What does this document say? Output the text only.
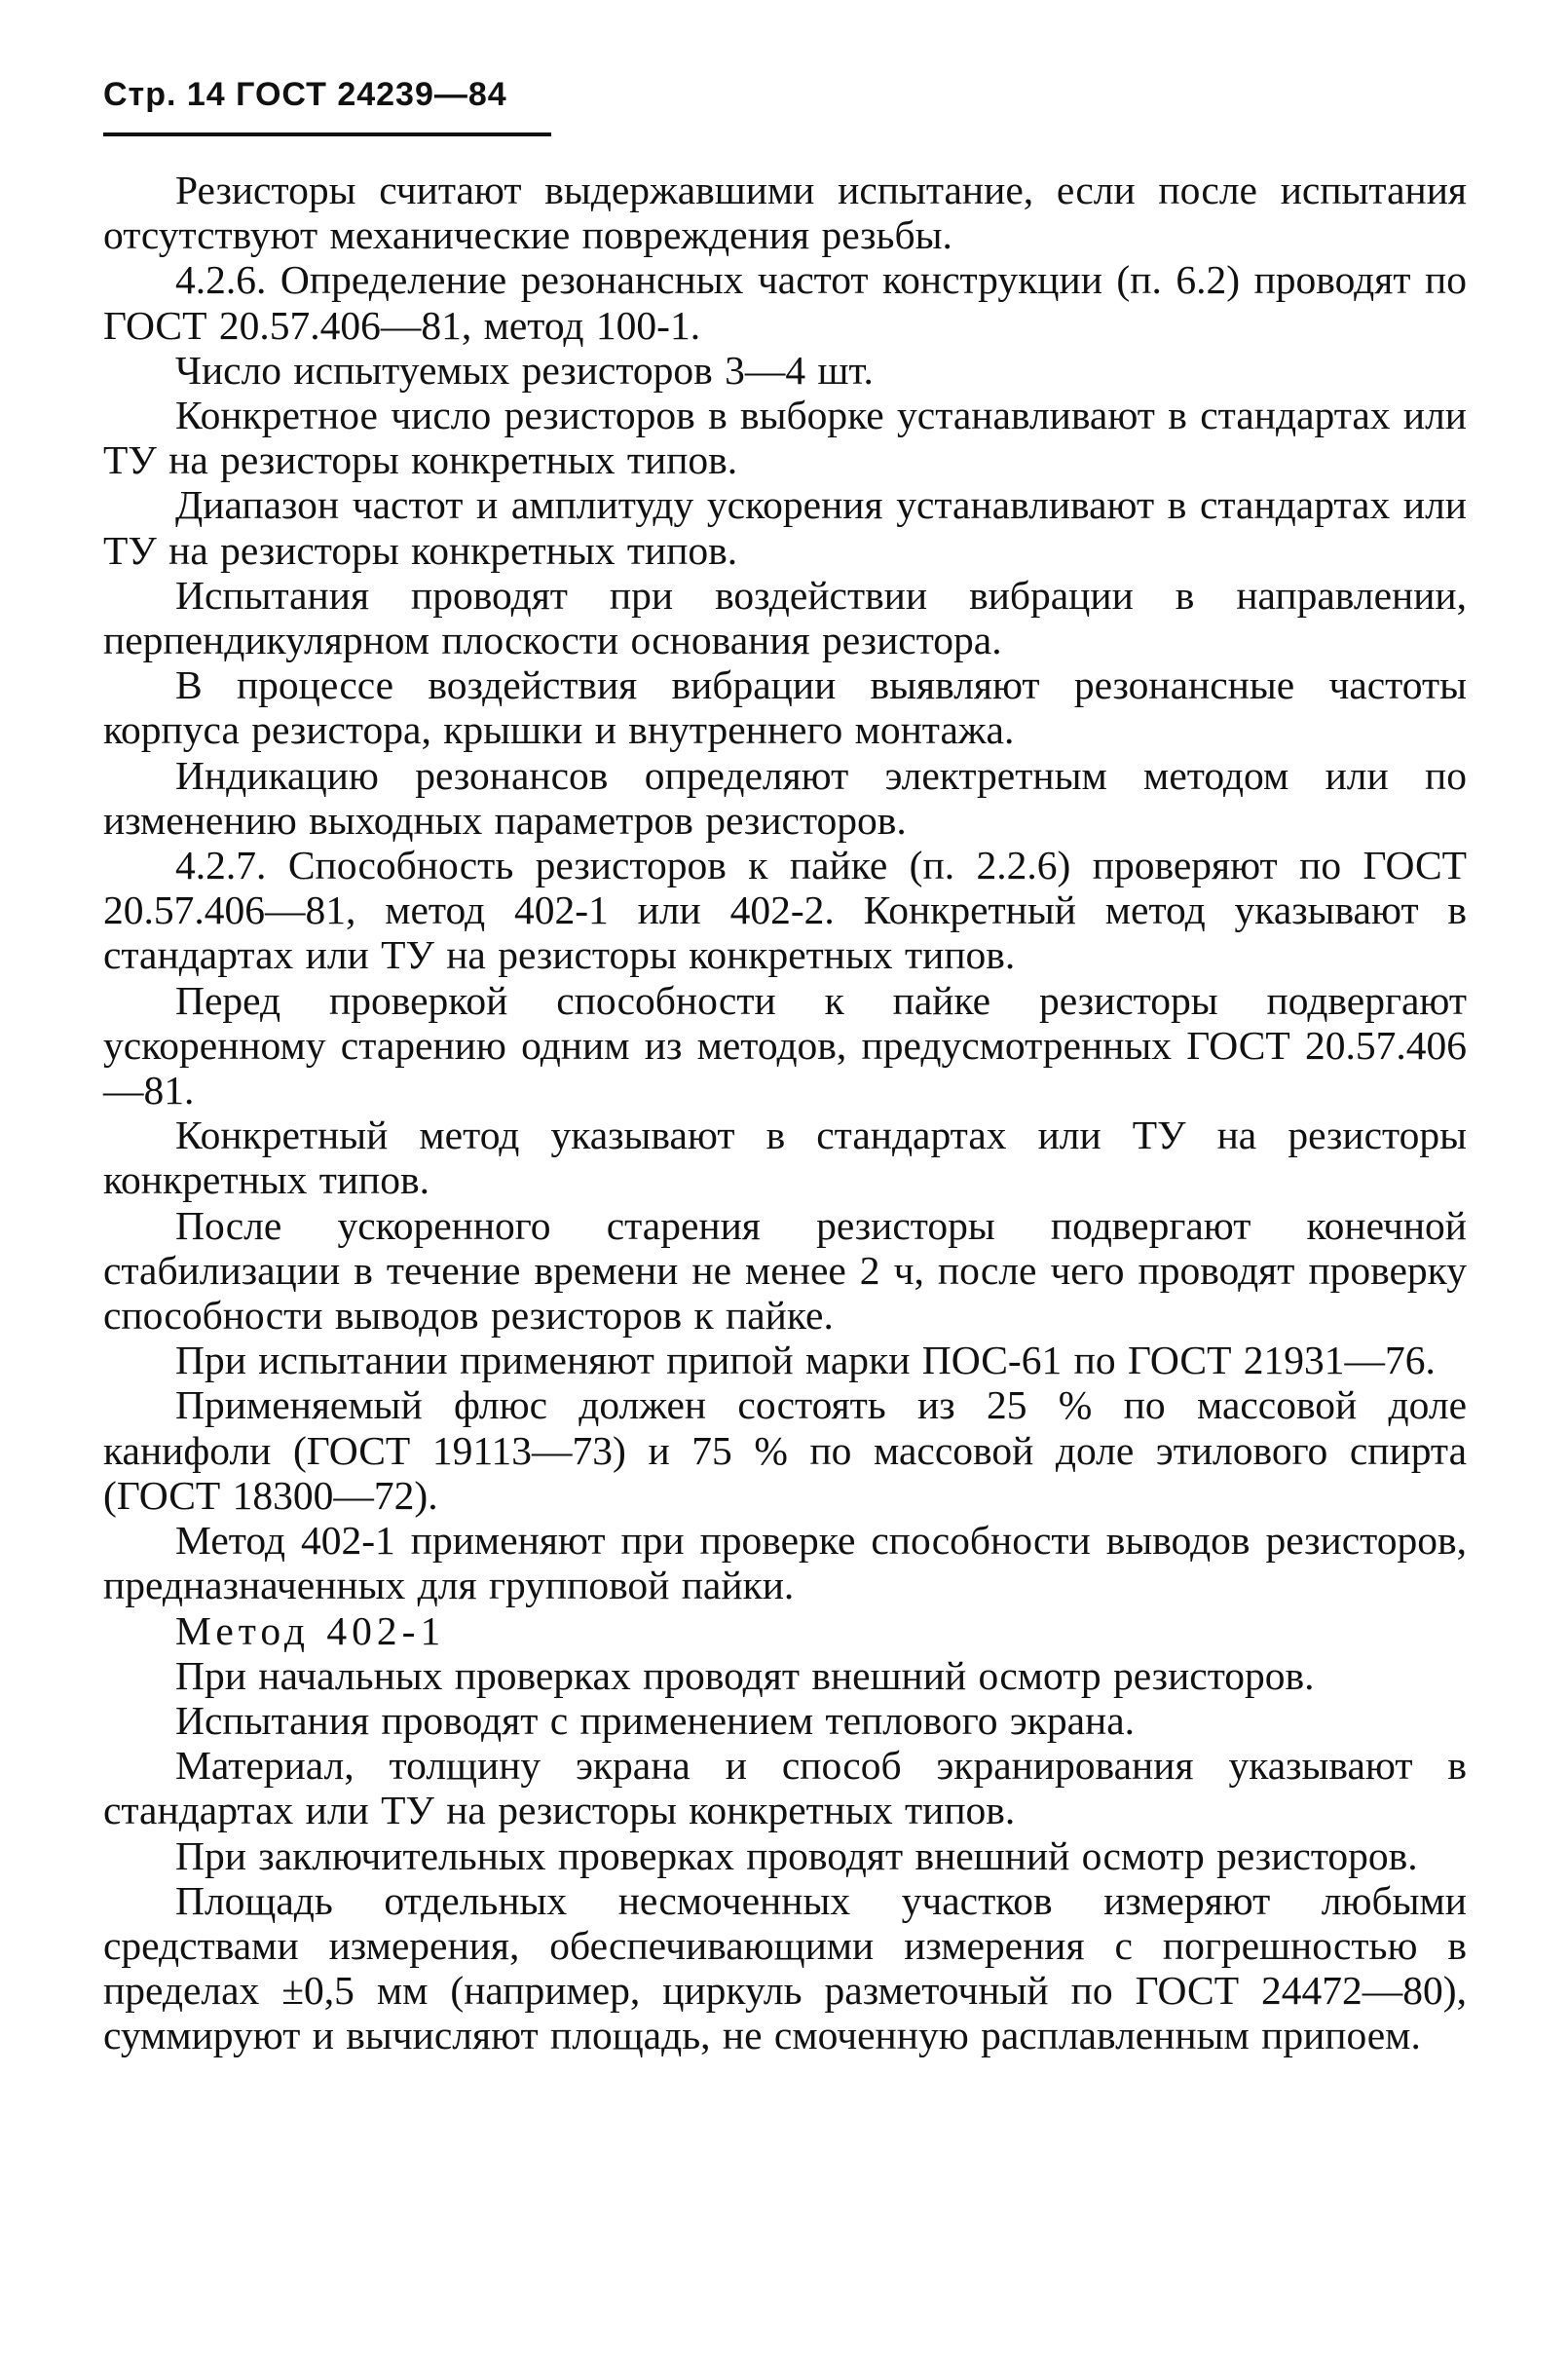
Стр. 14 ГОСТ 24239—84

Резисторы считают выдержавшими испытание, если после испытания отсутствуют механические повреждения резьбы.

4.2.6. Определение резонансных частот конструкции (п. 6.2) проводят по ГОСТ 20.57.406—81, метод 100-1.

Число испытуемых резисторов 3—4 шт.

Конкретное число резисторов в выборке устанавливают в стандартах или ТУ на резисторы конкретных типов.

Диапазон частот и амплитуду ускорения устанавливают в стандартах или ТУ на резисторы конкретных типов.

Испытания проводят при воздействии вибрации в направлении, перпендикулярном плоскости основания резистора.

В процессе воздействия вибрации выявляют резонансные частоты корпуса резистора, крышки и внутреннего монтажа.

Индикацию резонансов определяют электретным методом или по изменению выходных параметров резисторов.

4.2.7. Способность резисторов к пайке (п. 2.2.6) проверяют по ГОСТ 20.57.406—81, метод 402-1 или 402-2. Конкретный метод указывают в стандартах или ТУ на резисторы конкретных типов.

Перед проверкой способности к пайке резисторы подвергают ускоренному старению одним из методов, предусмотренных ГОСТ 20.57.406—81.

Конкретный метод указывают в стандартах или ТУ на резисторы конкретных типов.

После ускоренного старения резисторы подвергают конечной стабилизации в течение времени не менее 2 ч, после чего проводят проверку способности выводов резисторов к пайке.

При испытании применяют припой марки ПОС-61 по ГОСТ 21931—76.

Применяемый флюс должен состоять из 25 % по массовой доле канифоли (ГОСТ 19113—73) и 75 % по массовой доле этилового спирта (ГОСТ 18300—72).

Метод 402-1 применяют при проверке способности выводов резисторов, предназначенных для групповой пайки.

Метод 402-1

При начальных проверках проводят внешний осмотр резисторов.

Испытания проводят с применением теплового экрана.

Материал, толщину экрана и способ экранирования указывают в стандартах или ТУ на резисторы конкретных типов.

При заключительных проверках проводят внешний осмотр резисторов.

Площадь отдельных несмоченных участков измеряют любыми средствами измерения, обеспечивающими измерения с погрешностью в пределах ±0,5 мм (например, циркуль разметочный по ГОСТ 24472—80), суммируют и вычисляют площадь, не смоченную расплавленным припоем.
